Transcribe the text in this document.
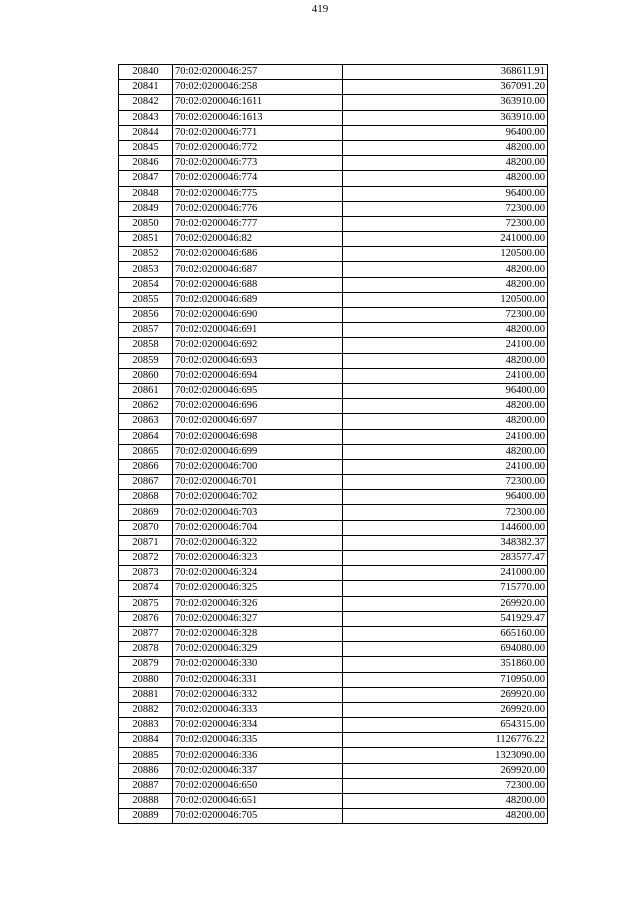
419
20840	70:02:0200046:257	368611.91
20841	70:02:0200046:258	367091.20
20842	70:02:0200046:1611	363910.00
20843	70:02:0200046:1613	363910.00
20844	70:02:0200046:771	96400.00
20845	70:02:0200046:772	48200.00
20846	70:02:0200046:773	48200.00
20847	70:02:0200046:774	48200.00
20848	70:02:0200046:775	96400.00
20849	70:02:0200046:776	72300.00
20850	70:02:0200046:777	72300.00
20851	70:02:0200046:82	241000.00
20852	70:02:0200046:686	120500.00
20853	70:02:0200046:687	48200.00
20854	70:02:0200046:688	48200.00
20855	70:02:0200046:689	120500.00
20856	70:02:0200046:690	72300.00
20857	70:02:0200046:691	48200.00
20858	70:02:0200046:692	24100.00
20859	70:02:0200046:693	48200.00
20860	70:02:0200046:694	24100.00
20861	70:02:0200046:695	96400.00
20862	70:02:0200046:696	48200.00
20863	70:02:0200046:697	48200.00
20864	70:02:0200046:698	24100.00
20865	70:02:0200046:699	48200.00
20866	70:02:0200046:700	24100.00
20867	70:02:0200046:701	72300.00
20868	70:02:0200046:702	96400.00
20869	70:02:0200046:703	72300.00
20870	70:02:0200046:704	144600.00
20871	70:02:0200046:322	348382.37
20872	70:02:0200046:323	283577.47
20873	70:02:0200046:324	241000.00
20874	70:02:0200046:325	715770.00
20875	70:02:0200046:326	269920.00
20876	70:02:0200046:327	541929.47
20877	70:02:0200046:328	665160.00
20878	70:02:0200046:329	694080.00
20879	70:02:0200046:330	351860.00
20880	70:02:0200046:331	710950.00
20881	70:02:0200046:332	269920.00
20882	70:02:0200046:333	269920.00
20883	70:02:0200046:334	654315.00
20884	70:02:0200046:335	1126776.22
20885	70:02:0200046:336	1323090.00
20886	70:02:0200046:337	269920.00
20887	70:02:0200046:650	72300.00
20888	70:02:0200046:651	48200.00
20889	70:02:0200046:705	48200.00
